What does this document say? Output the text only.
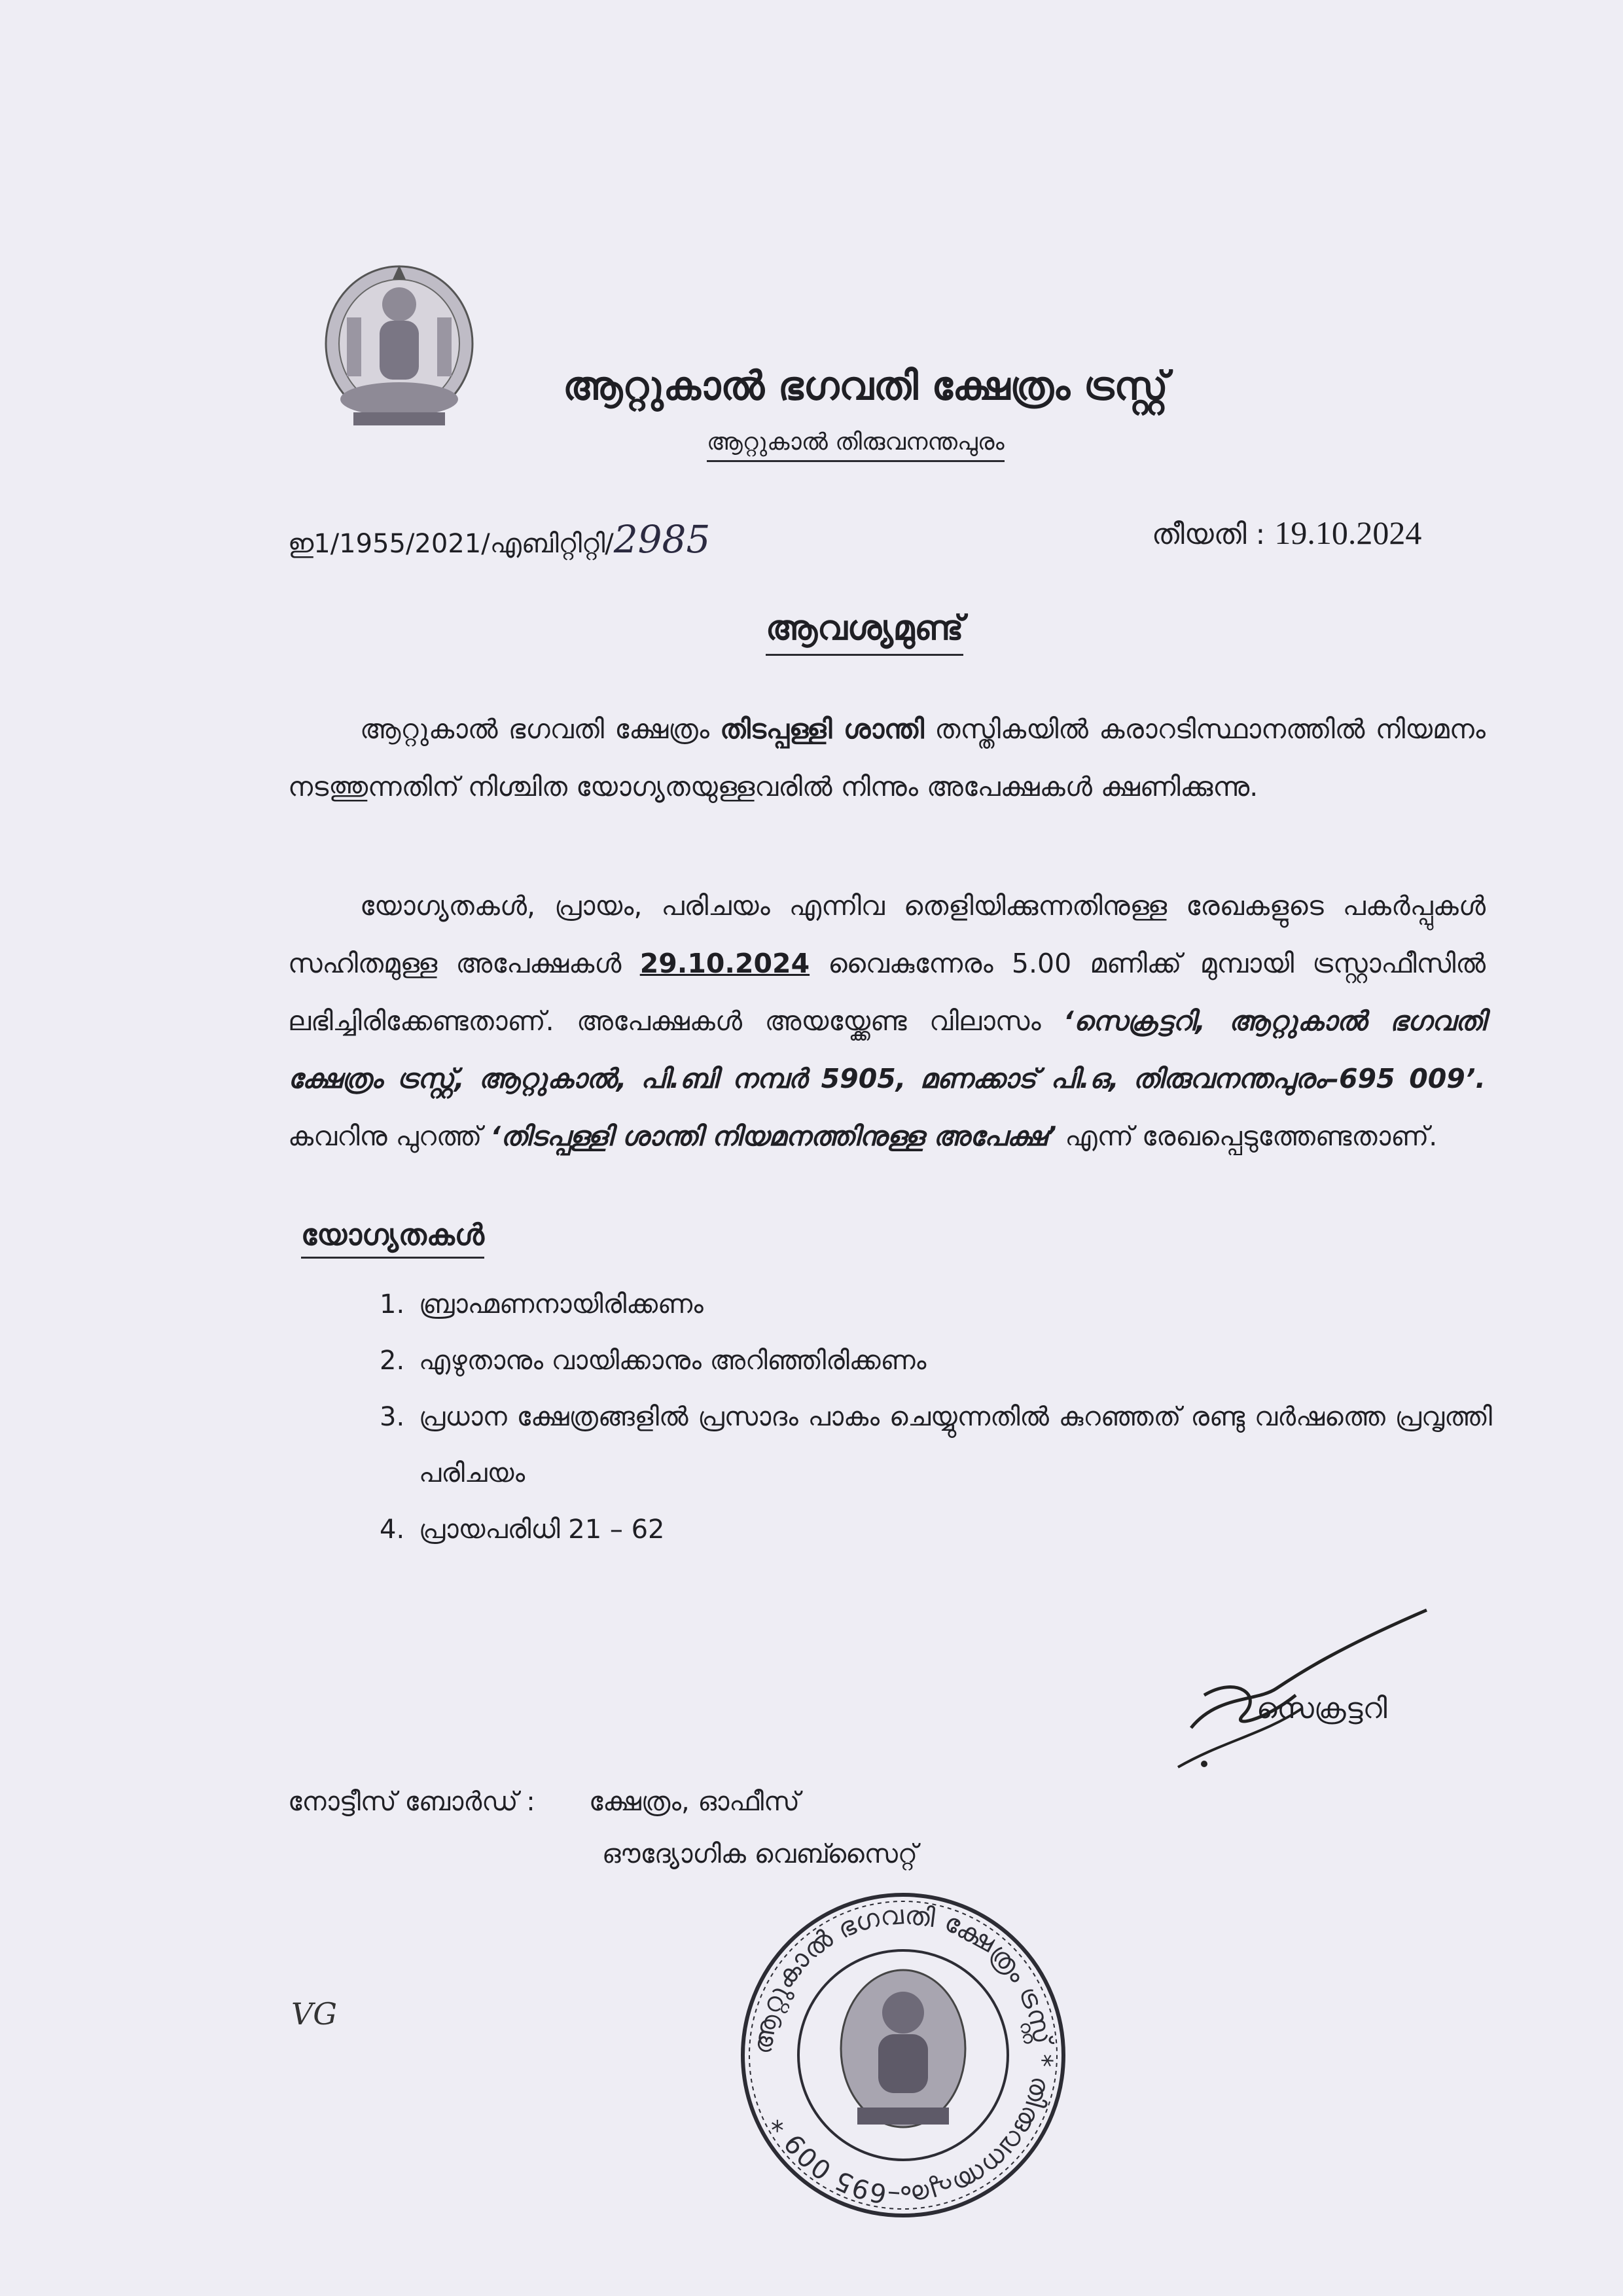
ആറ്റുകാൽ ഭഗവതി ക്ഷേത്രം ട്രസ്റ്റ്
ആറ്റുകാൽ തിരുവനന്തപുരം
ഇ1/1955/2021/എബിറ്റിറ്റി/2985	തീയതി : 19.10.2024
ആവശ്യമുണ്ട്
ആറ്റുകാൽ ഭഗവതി ക്ഷേത്രം തിടപ്പള്ളി ശാന്തി തസ്തികയിൽ കരാറടിസ്ഥാനത്തിൽ നിയമനം നടത്തുന്നതിന് നിശ്ചിത യോഗ്യതയുള്ളവരിൽ നിന്നും അപേക്ഷകൾ ക്ഷണിക്കുന്നു.
യോഗ്യതകൾ, പ്രായം, പരിചയം എന്നിവ തെളിയിക്കുന്നതിനുള്ള രേഖകളുടെ പകർപ്പുകൾ സഹിതമുള്ള അപേക്ഷകൾ 29.10.2024 വൈകുന്നേരം 5.00 മണിക്ക് മുമ്പായി ട്രസ്റ്റാഫീസിൽ ലഭിച്ചിരിക്കേണ്ടതാണ്. അപേക്ഷകൾ അയയ്ക്കേണ്ട വിലാസം ‘സെക്രട്ടറി, ആറ്റുകാൽ ഭഗവതി ക്ഷേത്രം ട്രസ്റ്റ്, ആറ്റുകാൽ, പി.ബി നമ്പർ 5905, മണക്കാട് പി.ഒ, തിരുവനന്തപുരം–695 009’. കവറിനു പുറത്ത് ‘തിടപ്പള്ളി ശാന്തി നിയമനത്തിനുള്ള അപേക്ഷ’ എന്ന് രേഖപ്പെടുത്തേണ്ടതാണ്.
യോഗ്യതകൾ
1. ബ്രാഹ്മണനായിരിക്കണം
2. എഴുതാനും വായിക്കാനും അറിഞ്ഞിരിക്കണം
3. പ്രധാന ക്ഷേത്രങ്ങളിൽ പ്രസാദം പാകം ചെയ്യുന്നതിൽ കുറഞ്ഞത് രണ്ടു വർഷത്തെ പ്രവൃത്തി പരിചയം
4. പ്രായപരിധി 21 – 62
സെക്രട്ടറി
നോട്ടീസ് ബോർഡ് : ക്ഷേത്രം, ഓഫീസ്
ഔദ്യോഗിക വെബ്സൈറ്റ്
ആറ്റുകാൽ ഭഗവതി ക്ഷേത്രം ട്രസ്റ്റ് * തിരുവനന്തപുരം–695 009 *
VG
